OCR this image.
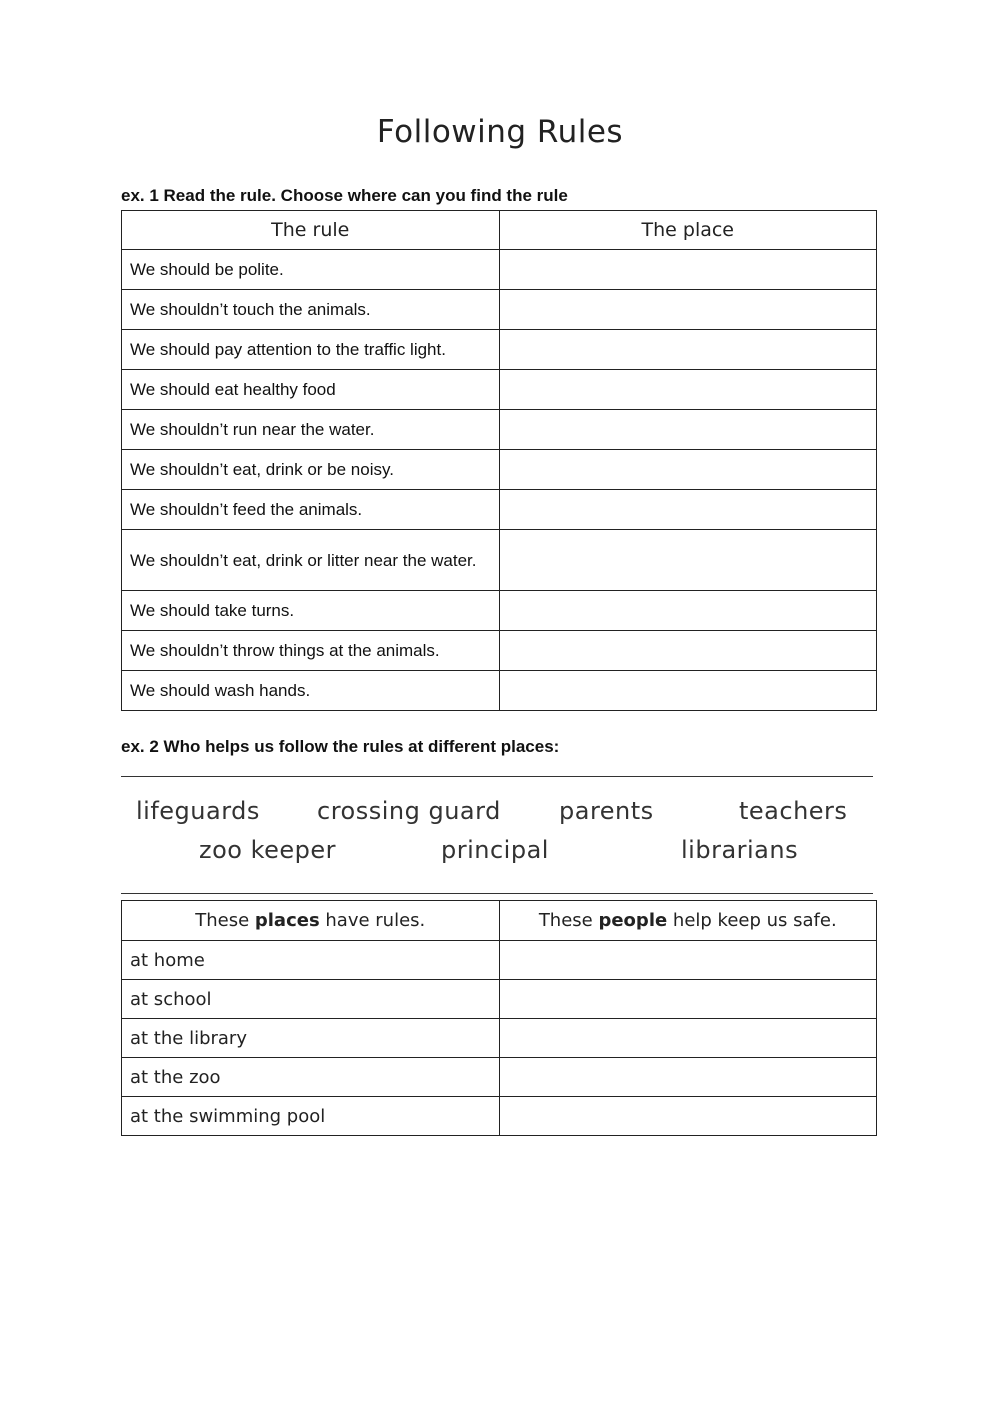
Following Rules
ex. 1 Read the rule. Choose where can you find the rule
The rule	The place
We should be polite.	
We shouldn’t touch the animals.	
We should pay attention to the traffic light.	
We should eat healthy food	
We shouldn’t run near the water.	
We shouldn’t eat, drink or be noisy.	
We shouldn’t feed the animals.	
We shouldn’t eat, drink or litter near the water.	
We should take turns.	
We shouldn’t throw things at the animals.	
We should wash hands.	
ex. 2 Who helps us follow the rules at different places:
lifeguards crossing guard parents	teachers
zoo keeper	principal	librarians
These places have rules.	These people help keep us safe.
at home	
at school	
at the library	
at the zoo	
at the swimming pool	
